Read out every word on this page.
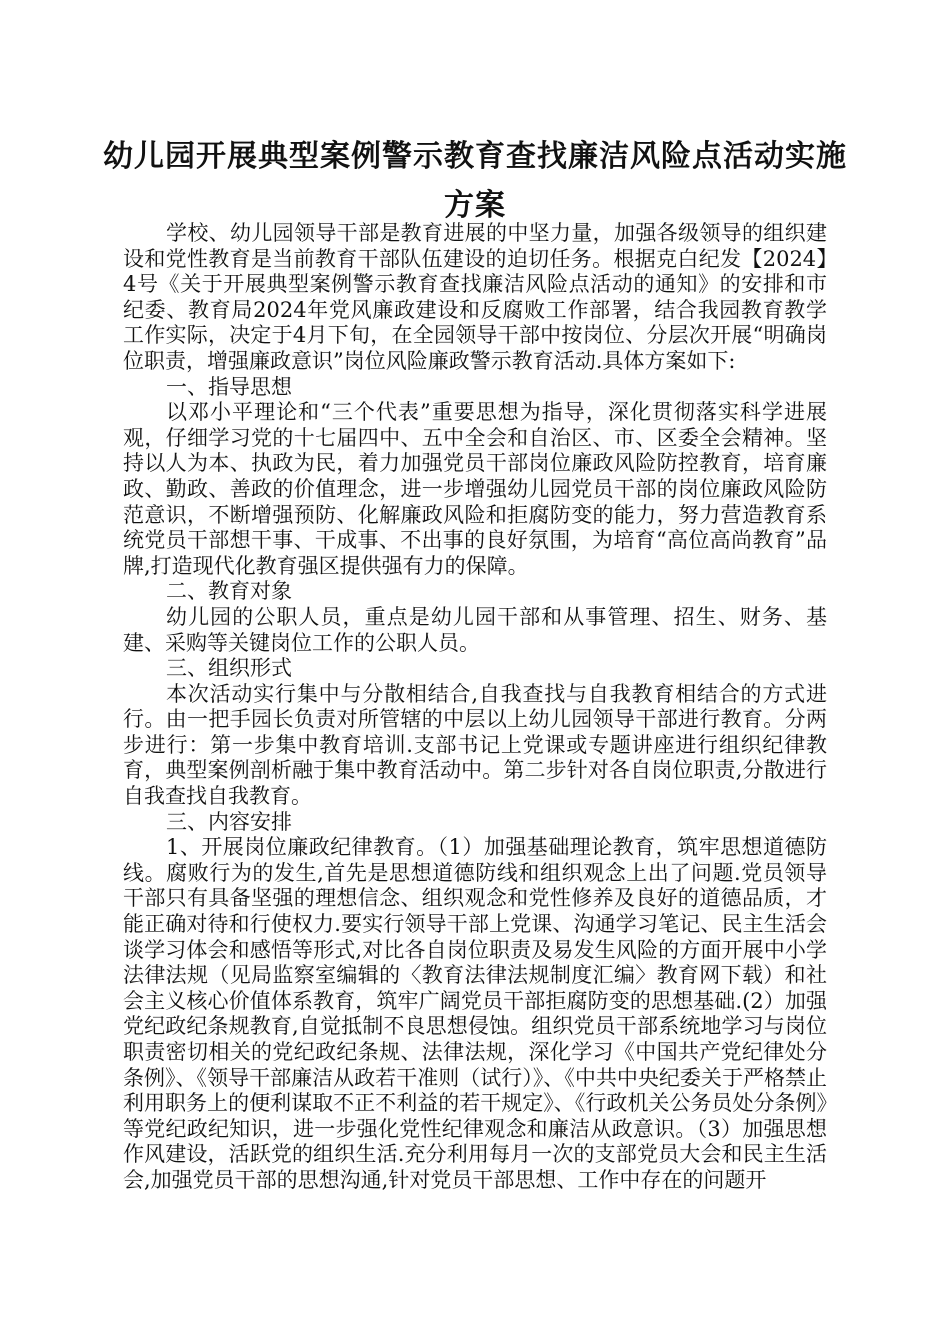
幼儿园开展典型案例警示教育查找廉洁风险点活动实施
方案

学校、幼儿园领导干部是教育进展的中坚力量，加强各级领导的组织建设和党性教育是当前教育干部队伍建设的迫切任务。根据克白纪发【2024】4号《关于开展典型案例警示教育查找廉洁风险点活动的通知》的安排和市纪委、教育局2024年党风廉政建设和反腐败工作部署，结合我园教育教学工作实际，决定于4月下旬，在全园领导干部中按岗位、分层次开展“明确岗位职责，增强廉政意识”岗位风险廉政警示教育活动.具体方案如下:

一、指导思想

以邓小平理论和“三个代表”重要思想为指导，深化贯彻落实科学进展观，仔细学习党的十七届四中、五中全会和自治区、市、区委全会精神。坚持以人为本、执政为民，着力加强党员干部岗位廉政风险防控教育，培育廉政、勤政、善政的价值理念，进一步增强幼儿园党员干部的岗位廉政风险防范意识，不断增强预防、化解廉政风险和拒腐防变的能力，努力营造教育系统党员干部想干事、干成事、不出事的良好氛围，为培育“高位高尚教育”品牌,打造现代化教育强区提供强有力的保障。

二、教育对象

幼儿园的公职人员，重点是幼儿园干部和从事管理、招生、财务、基建、采购等关键岗位工作的公职人员。

三、组织形式

本次活动实行集中与分散相结合,自我查找与自我教育相结合的方式进行。由一把手园长负责对所管辖的中层以上幼儿园领导干部进行教育。分两步进行：第一步集中教育培训.支部书记上党课或专题讲座进行组织纪律教育，典型案例剖析融于集中教育活动中。第二步针对各自岗位职责,分散进行自我查找自我教育。

三、内容安排

1、开展岗位廉政纪律教育。（1）加强基础理论教育，筑牢思想道德防线。腐败行为的发生,首先是思想道德防线和组织观念上出了问题.党员领导干部只有具备坚强的理想信念、组织观念和党性修养及良好的道德品质，才能正确对待和行使权力.要实行领导干部上党课、沟通学习笔记、民主生活会谈学习体会和感悟等形式,对比各自岗位职责及易发生风险的方面开展中小学法律法规（见局监察室编辑的〈教育法律法规制度汇编〉教育网下载）和社会主义核心价值体系教育，筑牢广阔党员干部拒腐防变的思想基础.(2）加强党纪政纪条规教育,自觉抵制不良思想侵蚀。组织党员干部系统地学习与岗位职责密切相关的党纪政纪条规、法律法规，深化学习《中国共产党纪律处分条例》、《领导干部廉洁从政若干准则（试行）》、《中共中央纪委关于严格禁止利用职务上的便利谋取不正不利益的若干规定》、《行政机关公务员处分条例》等党纪政纪知识，进一步强化党性纪律观念和廉洁从政意识。（3）加强思想作风建设，活跃党的组织生活.充分利用每月一次的支部党员大会和民主生活会,加强党员干部的思想沟通,针对党员干部思想、工作中存在的问题开
